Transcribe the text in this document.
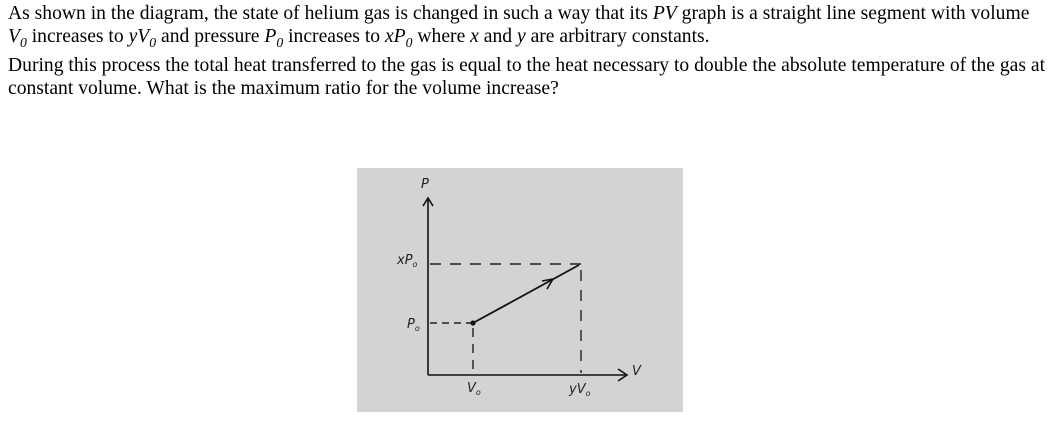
As shown in the diagram, the state of helium gas is changed in such a way that its PV graph is a straight line segment with volume $V_0$ increases to $yV_0$ and pressure $P_0$ increases to $xP_0$ where x and y are arbitrary constants.

During this process the total heat transferred to the gas is equal to the heat necessary to double the absolute temperature of the gas at constant volume. What is the maximum ratio for the volume increase?

P
V
$xP_o$
$P_o$
$V_o$	$yV_o$
